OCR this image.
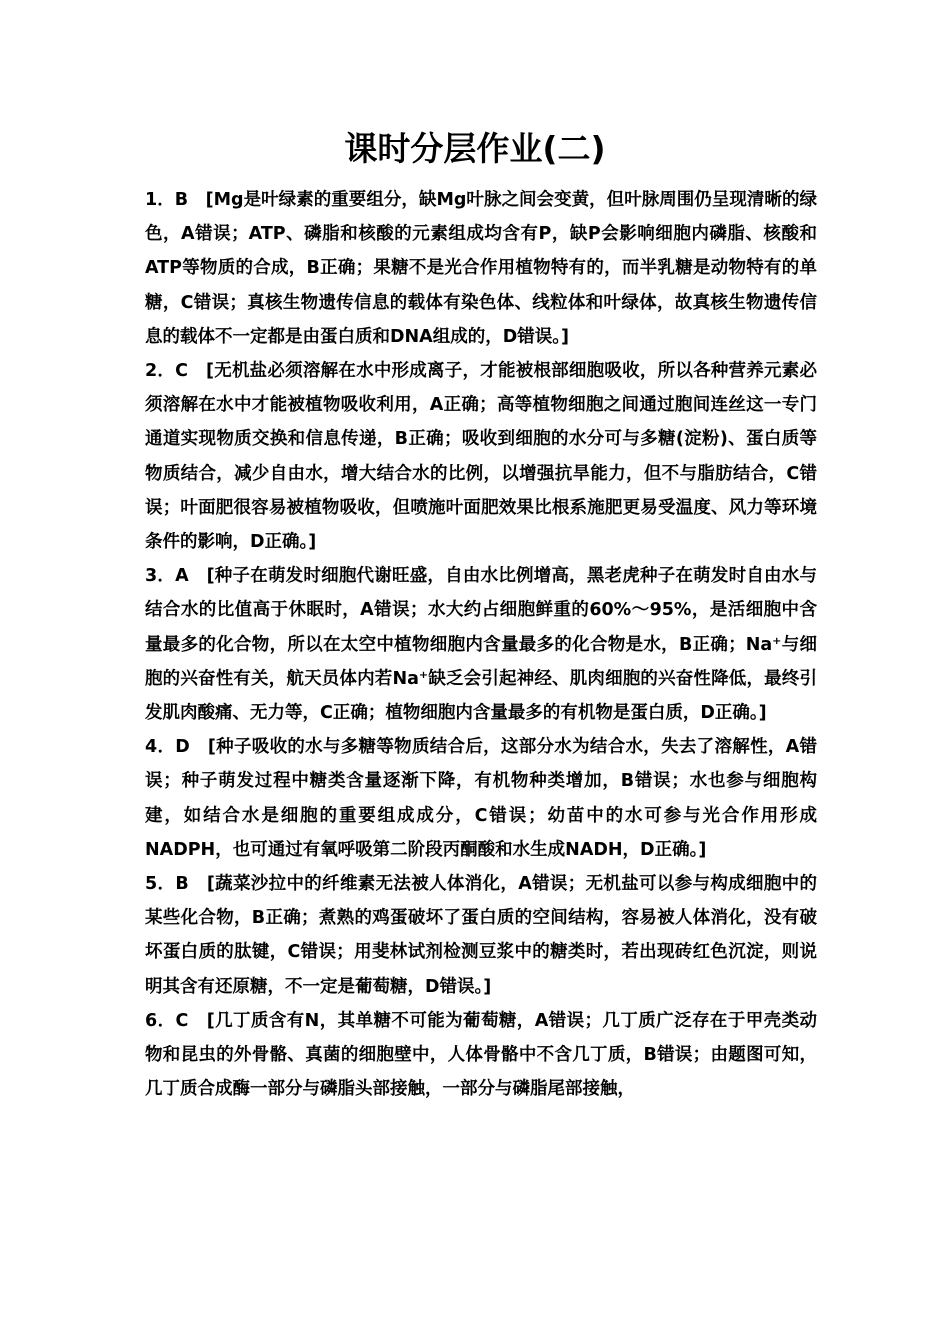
课时分层作业(二)

1．B　[Mg是叶绿素的重要组分，缺Mg叶脉之间会变黄，但叶脉周围仍呈现清晰的绿色，A错误；ATP、磷脂和核酸的元素组成均含有P，缺P会影响细胞内磷脂、核酸和ATP等物质的合成，B正确；果糖不是光合作用植物特有的，而半乳糖是动物特有的单糖，C错误；真核生物遗传信息的载体有染色体、线粒体和叶绿体，故真核生物遗传信息的载体不一定都是由蛋白质和DNA组成的，D错误。]

2．C　[无机盐必须溶解在水中形成离子，才能被根部细胞吸收，所以各种营养元素必须溶解在水中才能被植物吸收利用，A正确；高等植物细胞之间通过胞间连丝这一专门通道实现物质交换和信息传递，B正确；吸收到细胞的水分可与多糖(淀粉)、蛋白质等物质结合，减少自由水，增大结合水的比例，以增强抗旱能力，但不与脂肪结合，C错误；叶面肥很容易被植物吸收，但喷施叶面肥效果比根系施肥更易受温度、风力等环境条件的影响，D正确。]

3．A　[种子在萌发时细胞代谢旺盛，自由水比例增高，黑老虎种子在萌发时自由水与结合水的比值高于休眠时，A错误；水大约占细胞鲜重的60%～95%，是活细胞中含量最多的化合物，所以在太空中植物细胞内含量最多的化合物是水，B正确；Na⁺与细胞的兴奋性有关，航天员体内若Na⁺缺乏会引起神经、肌肉细胞的兴奋性降低，最终引发肌肉酸痛、无力等，C正确；植物细胞内含量最多的有机物是蛋白质，D正确。]

4．D　[种子吸收的水与多糖等物质结合后，这部分水为结合水，失去了溶解性，A错误；种子萌发过程中糖类含量逐渐下降，有机物种类增加，B错误；水也参与细胞构建，如结合水是细胞的重要组成成分，C错误；幼苗中的水可参与光合作用形成NADPH，也可通过有氧呼吸第二阶段丙酮酸和水生成NADH，D正确。]

5．B　[蔬菜沙拉中的纤维素无法被人体消化，A错误；无机盐可以参与构成细胞中的某些化合物，B正确；煮熟的鸡蛋破坏了蛋白质的空间结构，容易被人体消化，没有破坏蛋白质的肽键，C错误；用斐林试剂检测豆浆中的糖类时，若出现砖红色沉淀，则说明其含有还原糖，不一定是葡萄糖，D错误。]

6．C　[几丁质含有N，其单糖不可能为葡萄糖，A错误；几丁质广泛存在于甲壳类动物和昆虫的外骨骼、真菌的细胞壁中，人体骨骼中不含几丁质，B错误；由题图可知，几丁质合成酶一部分与磷脂头部接触，一部分与磷脂尾部接触，
